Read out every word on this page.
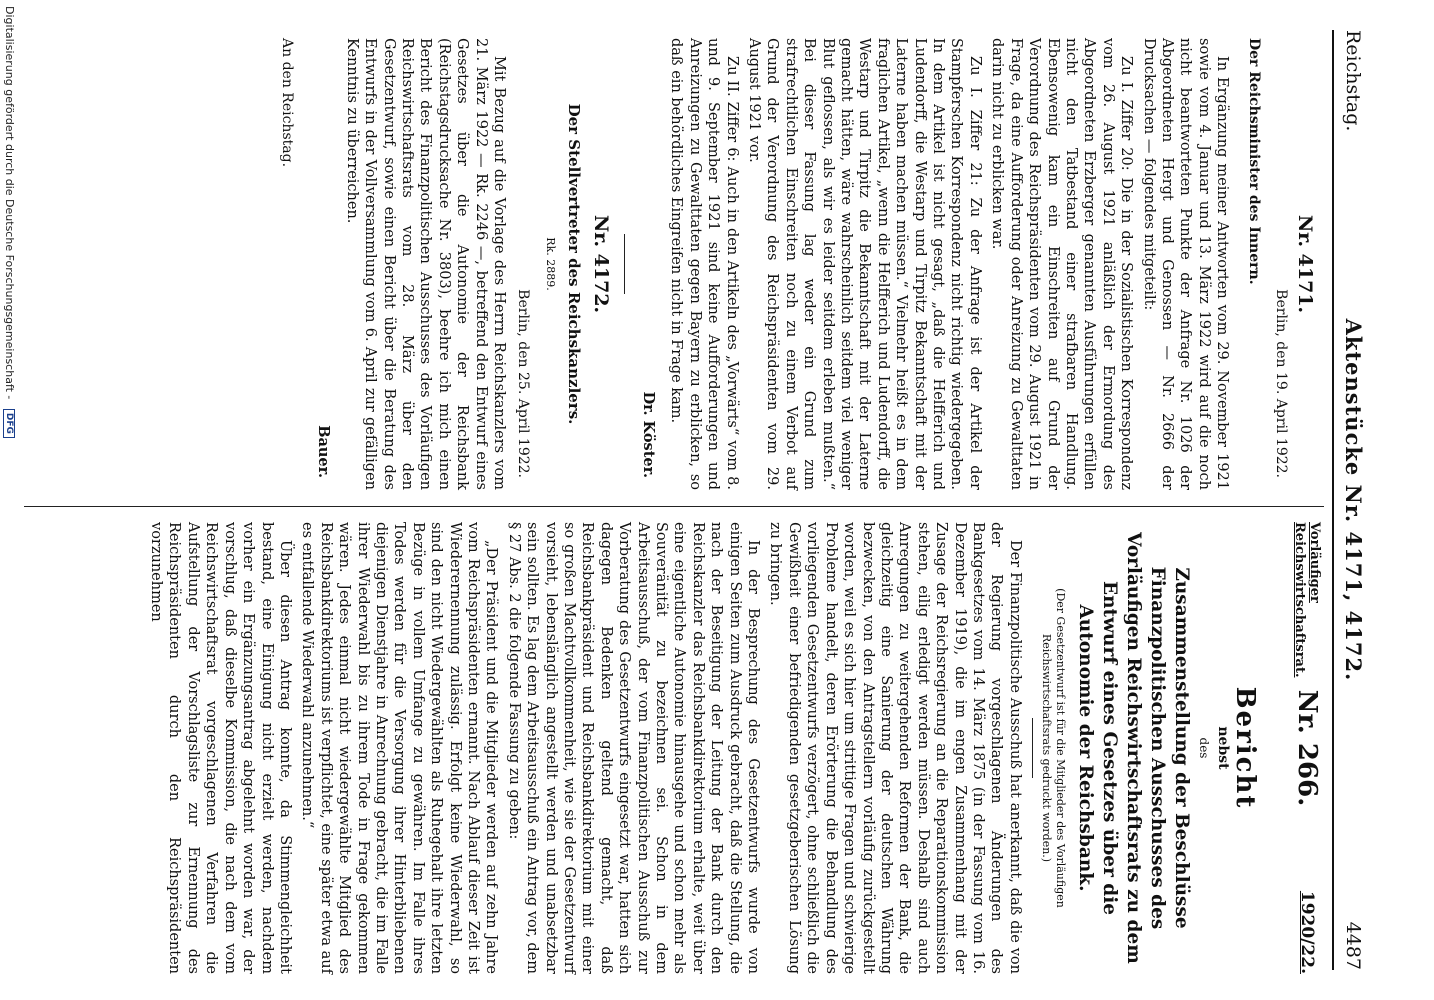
Reichstag.
Aktenstücke Nr. 4171, 4172.
4487
Nr. 4171.
Berlin, den 19. April 1922.
Der Reichsminister des Innern.

In Ergänzung meiner Antworten vom 29. November 1921 sowie vom 4. Januar und 13. März 1922 wird auf die noch nicht beantworteten Punkte der Anfrage Nr. 1026 der Abgeordneten Hergt und Genossen — Nr. 2666 der Drucksachen — folgendes mitgeteilt:

Zu I. Ziffer 20: Die in der Sozialistischen Korrespondenz vom 26. August 1921 anläßlich der Ermordung des Abgeordneten Erzberger genannten Ausführungen erfüllen nicht den Tatbestand einer strafbaren Handlung. Ebensowenig kam ein Einschreiten auf Grund der Verordnung des Reichspräsidenten vom 29. August 1921 in Frage, da eine Aufforderung oder Anreizung zu Gewalttaten darin nicht zu erblicken war.

Zu I. Ziffer 21: Zu der Anfrage ist der Artikel der Stampferschen Korrespondenz nicht richtig wiedergegeben. In dem Artikel ist nicht gesagt, „daß die Helfferich und Ludendorff, die Westarp und Tirpitz Bekanntschaft mit der Laterne haben machen müssen.“ Vielmehr heißt es in dem fraglichen Artikel, „wenn die Helfferich und Ludendorff, die Westarp und Tirpitz die Bekanntschaft mit der Laterne gemacht hätten, wäre wahrscheinlich seitdem viel weniger Blut geflossen, als wir es leider seitdem erleben mußten.“ Bei dieser Fassung lag weder ein Grund zum strafrechtlichen Einschreiten noch zu einem Verbot auf Grund der Verordnung des Reichspräsidenten vom 29. August 1921 vor.

Zu II. Ziffer 6: Auch in den Artikeln des „Vorwärts“ vom 8. und 9. September 1921 sind keine Aufforderungen und Anreizungen zu Gewalttaten gegen Bayern zu erblicken, so daß ein behördliches Eingreifen nicht in Frage kam.

Dr. Köster.
Nr. 4172.
Der Stellvertreter des Reichskanzlers.
Rk. 2889.
Berlin, den 25. April 1922.

Mit Bezug auf die Vorlage des Herrn Reichskanzlers vom 21. März 1922 — Rk. 2246 —, betreffend den Entwurf eines Gesetzes über die Autonomie der Reichsbank (Reichstagsdrucksache Nr. 3803), beehre ich mich einen Bericht des Finanzpolitischen Ausschusses des Vorläufigen Reichswirtschaftsrats vom 28. März über den Gesetzentwurf, sowie einen Bericht über die Beratung des Entwurfs in der Vollversammlung vom 6. April zur gefälligen Kenntnis zu überreichen.

Bauer.
An den Reichstag.
Vorläufiger
Reichswirtschaftsrat.
Nr. 266.
1920/22.
Bericht
nebst
des
Zusammenstellung der Beschlüsse Finanzpolitischen Ausschusses des Vorläufigen Reichswirtschaftsrats zu dem Entwurf eines Gesetzes über die Autonomie der Reichsbank.
(Der Gesetzentwurf ist für die Mitglieder des Vorläufigen Reichswirtschaftsrats gedruckt worden.)

Der Finanzpolitische Ausschuß hat anerkannt, daß die von der Regierung vorgeschlagenen Änderungen des Bankgesetzes vom 14. März 1875 (in der Fassung vom 16. Dezember 1919), die im engen Zusammenhang mit der Zusage der Reichsregierung an die Reparationskommission stehen, eilig erledigt werden müssen. Deshalb sind auch Anregungen zu weitergehenden Reformen der Bank, die gleichzeitig eine Sanierung der deutschen Währung bezwecken, von den Antragstellern vorläufig zurückgestellt worden, weil es sich hier um strittige Fragen und schwierige Probleme handelt, deren Erörterung die Behandlung des vorliegenden Gesetzentwurfs verzögert, ohne schließlich die Gewißheit einer befriedigenden gesetzgeberischen Lösung zu bringen.

In der Besprechung des Gesetzentwurfs wurde von einigen Seiten zum Ausdruck gebracht, daß die Stellung, die nach der Beseitigung der Leitung der Bank durch den Reichskanzler das Reichsbankdirektorium erhalte, weit über eine eigentliche Autonomie hinausgehe und schon mehr als Souveränität zu bezeichnen sei. Schon in dem Arbeitsausschuß, der vom Finanzpolitischen Ausschuß zur Vorberatung des Gesetzentwurfs eingesetzt war, hatten sich dagegen Bedenken geltend gemacht, daß Reichsbankpräsident und Reichsbankdirektorium mit einer so großen Machtvollkommenheit, wie sie der Gesetzentwurf vorsieht, lebenslänglich angestellt werden und unabsetzbar sein sollten. Es lag dem Arbeitsausschuß ein Antrag vor, dem § 27 Abs. 2 die folgende Fassung zu geben:

„Der Präsident und die Mitglieder werden auf zehn Jahre vom Reichspräsidenten ernannt. Nach Ablauf dieser Zeit ist Wiederernennung zulässig. Erfolgt keine Wiederwahl, so sind den nicht Wiedergewählten als Ruhegehalt ihre letzten Bezüge in vollem Umfange zu gewähren. Im Falle ihres Todes werden für die Versorgung ihrer Hinterbliebenen diejenigen Dienstjahre in Anrechnung gebracht, die im Falle ihrer Wiederwahl bis zu ihrem Tode in Frage gekommen wären. Jedes einmal nicht wiedergewählte Mitglied des Reichsbankdirektoriums ist verpflichtet, eine später etwa auf es entfallende Wiederwahl anzunehmen.“

Über diesen Antrag konnte, da Stimmengleichheit bestand, eine Einigung nicht erzielt werden, nachdem vorher ein Ergänzungsantrag abgelehnt worden war, der vorschlug, daß dieselbe Kommission, die nach dem vom Reichswirtschaftsrat vorgeschlagenen Verfahren die Aufstellung der Vorschlagsliste zur Ernennung des Reichspräsidenten durch den Reichspräsidenten vorzunehmen

Digitalisierung gefördert durch die Deutsche Forschungsgemeinschaft - DFG
